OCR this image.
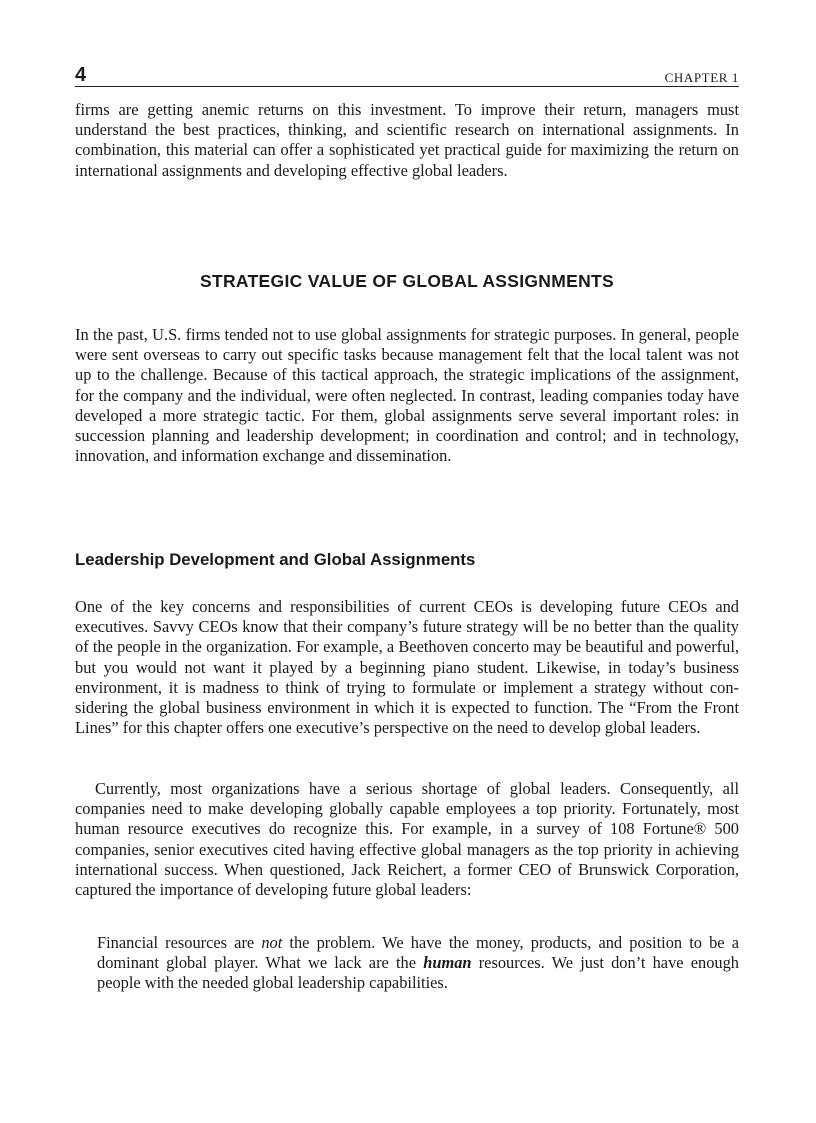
4	CHAPTER 1

firms are getting anemic returns on this investment. To improve their return, managers must understand the best practices, thinking, and scientific research on international assignments. In combination, this material can offer a sophisticated yet practical guide for maximizing the return on international assignments and developing effective global leaders.

STRATEGIC VALUE OF GLOBAL ASSIGNMENTS

In the past, U.S. firms tended not to use global assignments for strategic purposes. In general, people were sent overseas to carry out specific tasks because management felt that the local talent was not up to the challenge. Because of this tactical approach, the strategic implications of the assignment, for the company and the individual, were often neglected. In contrast, leading companies today have developed a more strategic tactic. For them, global assignments serve several important roles: in succession planning and leadership development; in coordination and control; and in technology, innovation, and information exchange and dissemination.

Leadership Development and Global Assignments

One of the key concerns and responsibilities of current CEOs is developing future CEOs and executives. Savvy CEOs know that their company’s future strategy will be no better than the quality of the people in the organization. For example, a Beethoven concerto may be beautiful and powerful, but you would not want it played by a beginning piano student. Likewise, in today’s business environment, it is madness to think of trying to formulate or implement a strategy without considering the global business environment in which it is expected to function. The “From the Front Lines” for this chapter offers one executive’s perspective on the need to develop global leaders.

Currently, most organizations have a serious shortage of global leaders. Consequently, all companies need to make developing globally capable employees a top priority. Fortunately, most human resource executives do recognize this. For example, in a survey of 108 Fortune® 500 companies, senior executives cited having effective global managers as the top priority in achieving international success. When questioned, Jack Reichert, a former CEO of Brunswick Corporation, captured the importance of developing future global leaders:

Financial resources are not the problem. We have the money, products, and position to be a dominant global player. What we lack are the human resources. We just don’t have enough people with the needed global leadership capabilities.
